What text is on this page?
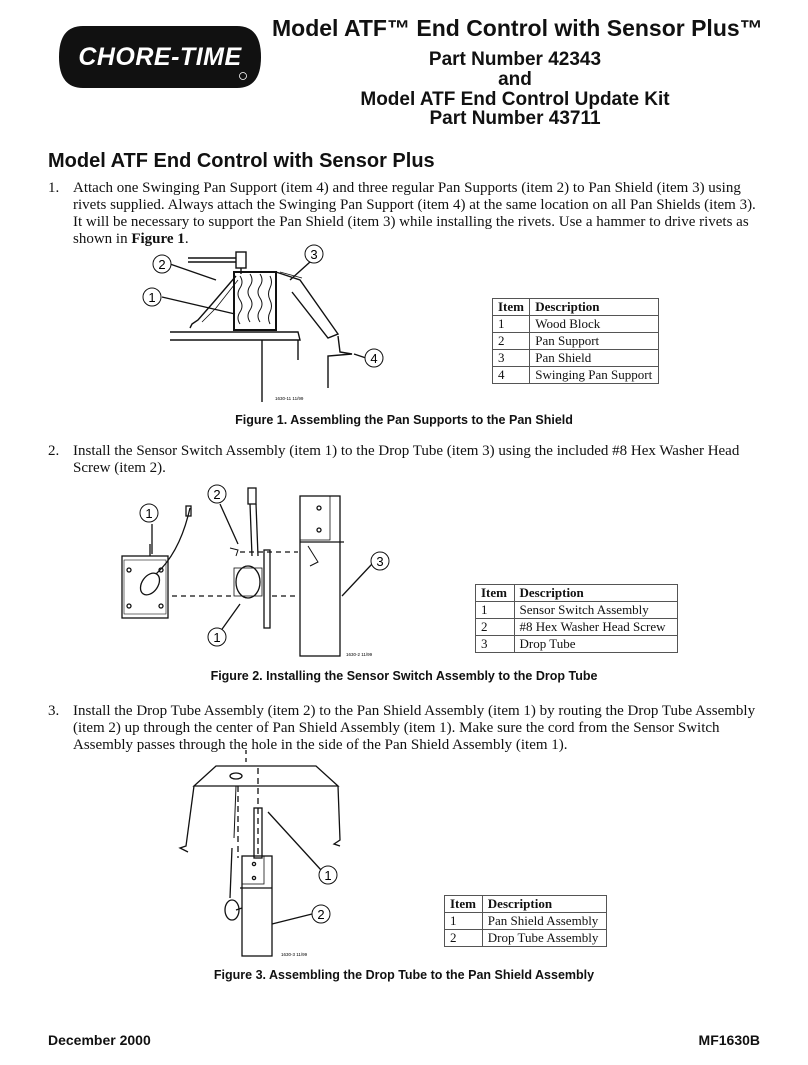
CHORE-TIME
Model ATF™ End Control with Sensor Plus™
Part Number 42343
and
Model ATF End Control Update Kit
Part Number 43711
Model ATF End Control with Sensor Plus
1. Attach one Swinging Pan Support (item 4) and three regular Pan Supports (item 2) to Pan Shield (item 3) using rivets supplied. Always attach the Swinging Pan Support (item 4) at the same location on all Pan Shields (item 3). It will be necessary to support the Pan Shield (item 3) while installing the rivets. Use a hammer to drive rivets as shown in Figure 1.
2
1
3
4
1630-11 11/99
Item	Description
1	Wood Block
2	Pan Support
3	Pan Shield
4	Swinging Pan Support
Figure 1. Assembling the Pan Supports to the Pan Shield
2. Install the Sensor Switch Assembly (item 1) to the Drop Tube (item 3) using the included #8 Hex Washer Head Screw (item 2).
1
2
1
3
1630-2 11/99
Item	Description
1	Sensor Switch Assembly
2	#8 Hex Washer Head Screw
3	Drop Tube
Figure 2. Installing the Sensor Switch Assembly to the Drop Tube
3. Install the Drop Tube Assembly (item 2) to the Pan Shield Assembly (item 1) by routing the Drop Tube Assembly (item 2) up through the center of Pan Shield Assembly (item 1). Make sure the cord from the Sensor Switch Assembly passes through the hole in the side of the Pan Shield Assembly (item 1).
1
2
1630-3 11/99
Item	Description
1	Pan Shield Assembly
2	Drop Tube Assembly
Figure 3. Assembling the Drop Tube to the Pan Shield Assembly
December 2000	MF1630B
